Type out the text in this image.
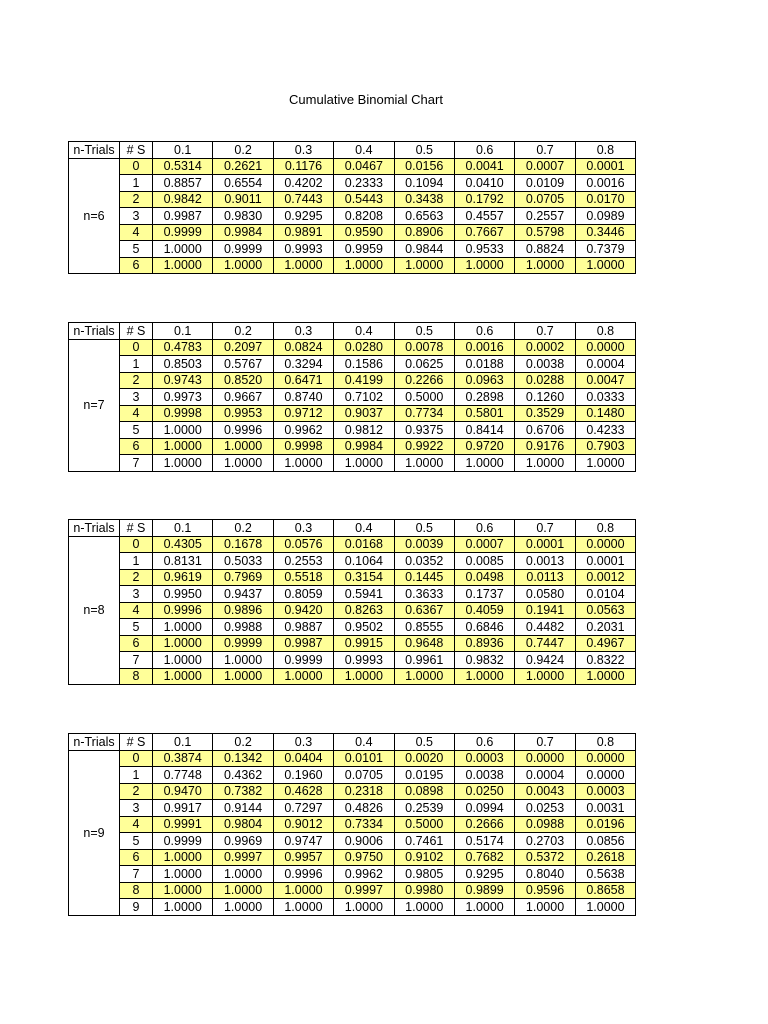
Cumulative Binomial Chart
n-Trials	# S	0.1	0.2	0.3	0.4	0.5	0.6	0.7	0.8
n=6	0	0.5314	0.2621	0.1176	0.0467	0.0156	0.0041	0.0007	0.0001
	1	0.8857	0.6554	0.4202	0.2333	0.1094	0.0410	0.0109	0.0016
	2	0.9842	0.9011	0.7443	0.5443	0.3438	0.1792	0.0705	0.0170
	3	0.9987	0.9830	0.9295	0.8208	0.6563	0.4557	0.2557	0.0989
	4	0.9999	0.9984	0.9891	0.9590	0.8906	0.7667	0.5798	0.3446
	5	1.0000	0.9999	0.9993	0.9959	0.9844	0.9533	0.8824	0.7379
	6	1.0000	1.0000	1.0000	1.0000	1.0000	1.0000	1.0000	1.0000
n-Trials	# S	0.1	0.2	0.3	0.4	0.5	0.6	0.7	0.8
n=7	0	0.4783	0.2097	0.0824	0.0280	0.0078	0.0016	0.0002	0.0000
	1	0.8503	0.5767	0.3294	0.1586	0.0625	0.0188	0.0038	0.0004
	2	0.9743	0.8520	0.6471	0.4199	0.2266	0.0963	0.0288	0.0047
	3	0.9973	0.9667	0.8740	0.7102	0.5000	0.2898	0.1260	0.0333
	4	0.9998	0.9953	0.9712	0.9037	0.7734	0.5801	0.3529	0.1480
	5	1.0000	0.9996	0.9962	0.9812	0.9375	0.8414	0.6706	0.4233
	6	1.0000	1.0000	0.9998	0.9984	0.9922	0.9720	0.9176	0.7903
	7	1.0000	1.0000	1.0000	1.0000	1.0000	1.0000	1.0000	1.0000
n-Trials	# S	0.1	0.2	0.3	0.4	0.5	0.6	0.7	0.8
n=8	0	0.4305	0.1678	0.0576	0.0168	0.0039	0.0007	0.0001	0.0000
	1	0.8131	0.5033	0.2553	0.1064	0.0352	0.0085	0.0013	0.0001
	2	0.9619	0.7969	0.5518	0.3154	0.1445	0.0498	0.0113	0.0012
	3	0.9950	0.9437	0.8059	0.5941	0.3633	0.1737	0.0580	0.0104
	4	0.9996	0.9896	0.9420	0.8263	0.6367	0.4059	0.1941	0.0563
	5	1.0000	0.9988	0.9887	0.9502	0.8555	0.6846	0.4482	0.2031
	6	1.0000	0.9999	0.9987	0.9915	0.9648	0.8936	0.7447	0.4967
	7	1.0000	1.0000	0.9999	0.9993	0.9961	0.9832	0.9424	0.8322
	8	1.0000	1.0000	1.0000	1.0000	1.0000	1.0000	1.0000	1.0000
n-Trials	# S	0.1	0.2	0.3	0.4	0.5	0.6	0.7	0.8
n=9	0	0.3874	0.1342	0.0404	0.0101	0.0020	0.0003	0.0000	0.0000
	1	0.7748	0.4362	0.1960	0.0705	0.0195	0.0038	0.0004	0.0000
	2	0.9470	0.7382	0.4628	0.2318	0.0898	0.0250	0.0043	0.0003
	3	0.9917	0.9144	0.7297	0.4826	0.2539	0.0994	0.0253	0.0031
	4	0.9991	0.9804	0.9012	0.7334	0.5000	0.2666	0.0988	0.0196
	5	0.9999	0.9969	0.9747	0.9006	0.7461	0.5174	0.2703	0.0856
	6	1.0000	0.9997	0.9957	0.9750	0.9102	0.7682	0.5372	0.2618
	7	1.0000	1.0000	0.9996	0.9962	0.9805	0.9295	0.8040	0.5638
	8	1.0000	1.0000	1.0000	0.9997	0.9980	0.9899	0.9596	0.8658
	9	1.0000	1.0000	1.0000	1.0000	1.0000	1.0000	1.0000	1.0000
